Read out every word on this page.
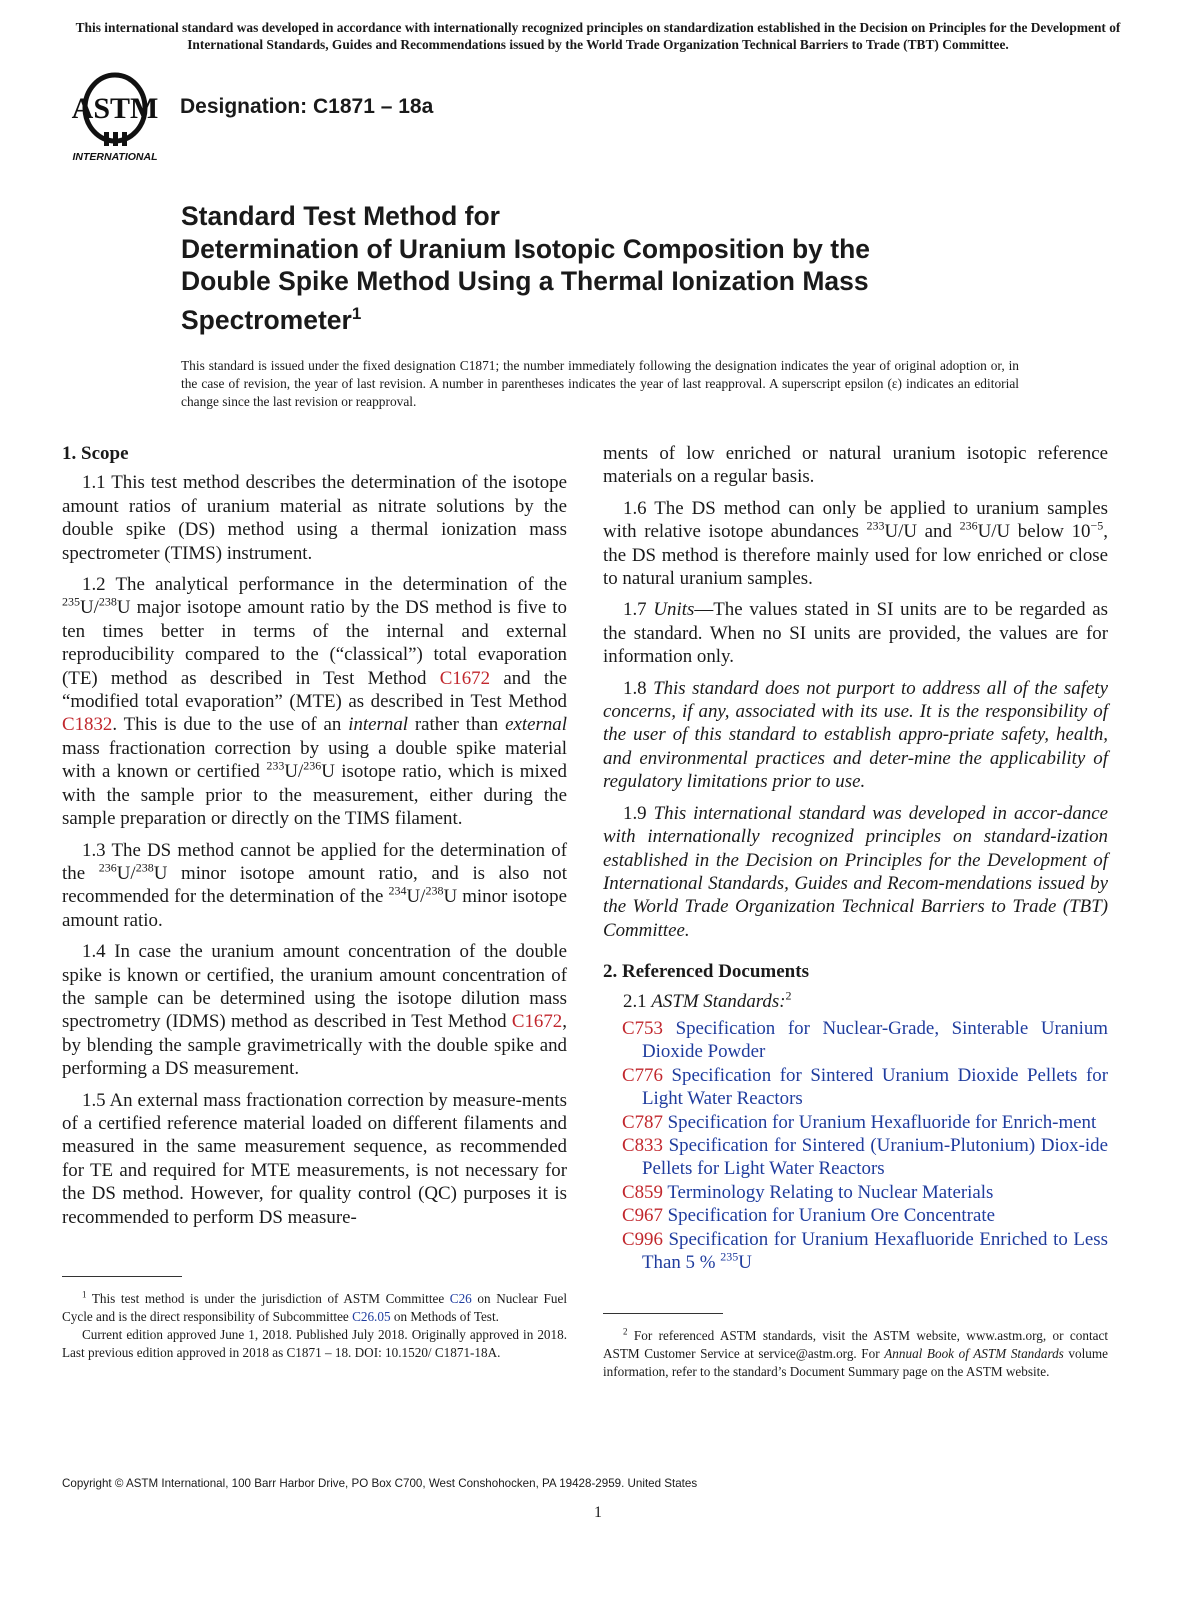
This international standard was developed in accordance with internationally recognized principles on standardization established in the Decision on Principles for the Development of International Standards, Guides and Recommendations issued by the World Trade Organization Technical Barriers to Trade (TBT) Committee.
ASTM
INTERNATIONAL
Designation: C1871 – 18a
Standard Test Method for
Determination of Uranium Isotopic Composition by the
Double Spike Method Using a Thermal Ionization Mass
Spectrometer$^1$
This standard is issued under the fixed designation C1871; the number immediately following the designation indicates the year of original adoption or, in the case of revision, the year of last revision. A number in parentheses indicates the year of last reapproval. A superscript epsilon (ε) indicates an editorial change since the last revision or reapproval.
1. Scope

1.1 This test method describes the determination of the isotope amount ratios of uranium material as nitrate solutions by the double spike (DS) method using a thermal ionization mass spectrometer (TIMS) instrument.

1.2 The analytical performance in the determination of the $^{235}$U/$^{238}$U major isotope amount ratio by the DS method is five to ten times better in terms of the internal and external reproducibility compared to the (“classical”) total evaporation (TE) method as described in Test Method C1672 and the “modified total evaporation” (MTE) as described in Test Method C1832. This is due to the use of an internal rather than external mass fractionation correction by using a double spike material with a known or certified $^{233}$U/$^{236}$U isotope ratio, which is mixed with the sample prior to the measurement, either during the sample preparation or directly on the TIMS filament.

1.3 The DS method cannot be applied for the determination of the $^{236}$U/$^{238}$U minor isotope amount ratio, and is also not recommended for the determination of the $^{234}$U/$^{238}$U minor isotope amount ratio.

1.4 In case the uranium amount concentration of the double spike is known or certified, the uranium amount concentration of the sample can be determined using the isotope dilution mass spectrometry (IDMS) method as described in Test Method C1672, by blending the sample gravimetrically with the double spike and performing a DS measurement.

1.5 An external mass fractionation correction by measure-ments of a certified reference material loaded on different filaments and measured in the same measurement sequence, as recommended for TE and required for MTE measurements, is not necessary for the DS method. However, for quality control (QC) purposes it is recommended to perform DS measure-

$^1$ This test method is under the jurisdiction of ASTM Committee C26 on Nuclear Fuel Cycle and is the direct responsibility of Subcommittee C26.05 on Methods of Test.

Current edition approved June 1, 2018. Published July 2018. Originally approved in 2018. Last previous edition approved in 2018 as C1871 – 18. DOI: 10.1520/ C1871-18A.

ments of low enriched or natural uranium isotopic reference materials on a regular basis.

1.6 The DS method can only be applied to uranium samples with relative isotope abundances $^{233}$U/U and $^{236}$U/U below $10^{-5}$, the DS method is therefore mainly used for low enriched or close to natural uranium samples.

1.7 Units—The values stated in SI units are to be regarded as the standard. When no SI units are provided, the values are for information only.

1.8 This standard does not purport to address all of the safety concerns, if any, associated with its use. It is the responsibility of the user of this standard to establish appro-priate safety, health, and environmental practices and deter-mine the applicability of regulatory limitations prior to use.

1.9 This international standard was developed in accor-dance with internationally recognized principles on standard-ization established in the Decision on Principles for the Development of International Standards, Guides and Recom-mendations issued by the World Trade Organization Technical Barriers to Trade (TBT) Committee.

2. Referenced Documents

2.1 ASTM Standards:$^2$

C753 Specification for Nuclear-Grade, Sinterable Uranium Dioxide Powder
C776 Specification for Sintered Uranium Dioxide Pellets for Light Water Reactors
C787 Specification for Uranium Hexafluoride for Enrich-ment
C833 Specification for Sintered (Uranium-Plutonium) Diox-ide Pellets for Light Water Reactors
C859 Terminology Relating to Nuclear Materials
C967 Specification for Uranium Ore Concentrate
C996 Specification for Uranium Hexafluoride Enriched to Less Than 5 % $^{235}$U

$^2$ For referenced ASTM standards, visit the ASTM website, www.astm.org, or contact ASTM Customer Service at service@astm.org. For Annual Book of ASTM Standards volume information, refer to the standard’s Document Summary page on the ASTM website.

Copyright © ASTM International, 100 Barr Harbor Drive, PO Box C700, West Conshohocken, PA 19428-2959. United States
1
